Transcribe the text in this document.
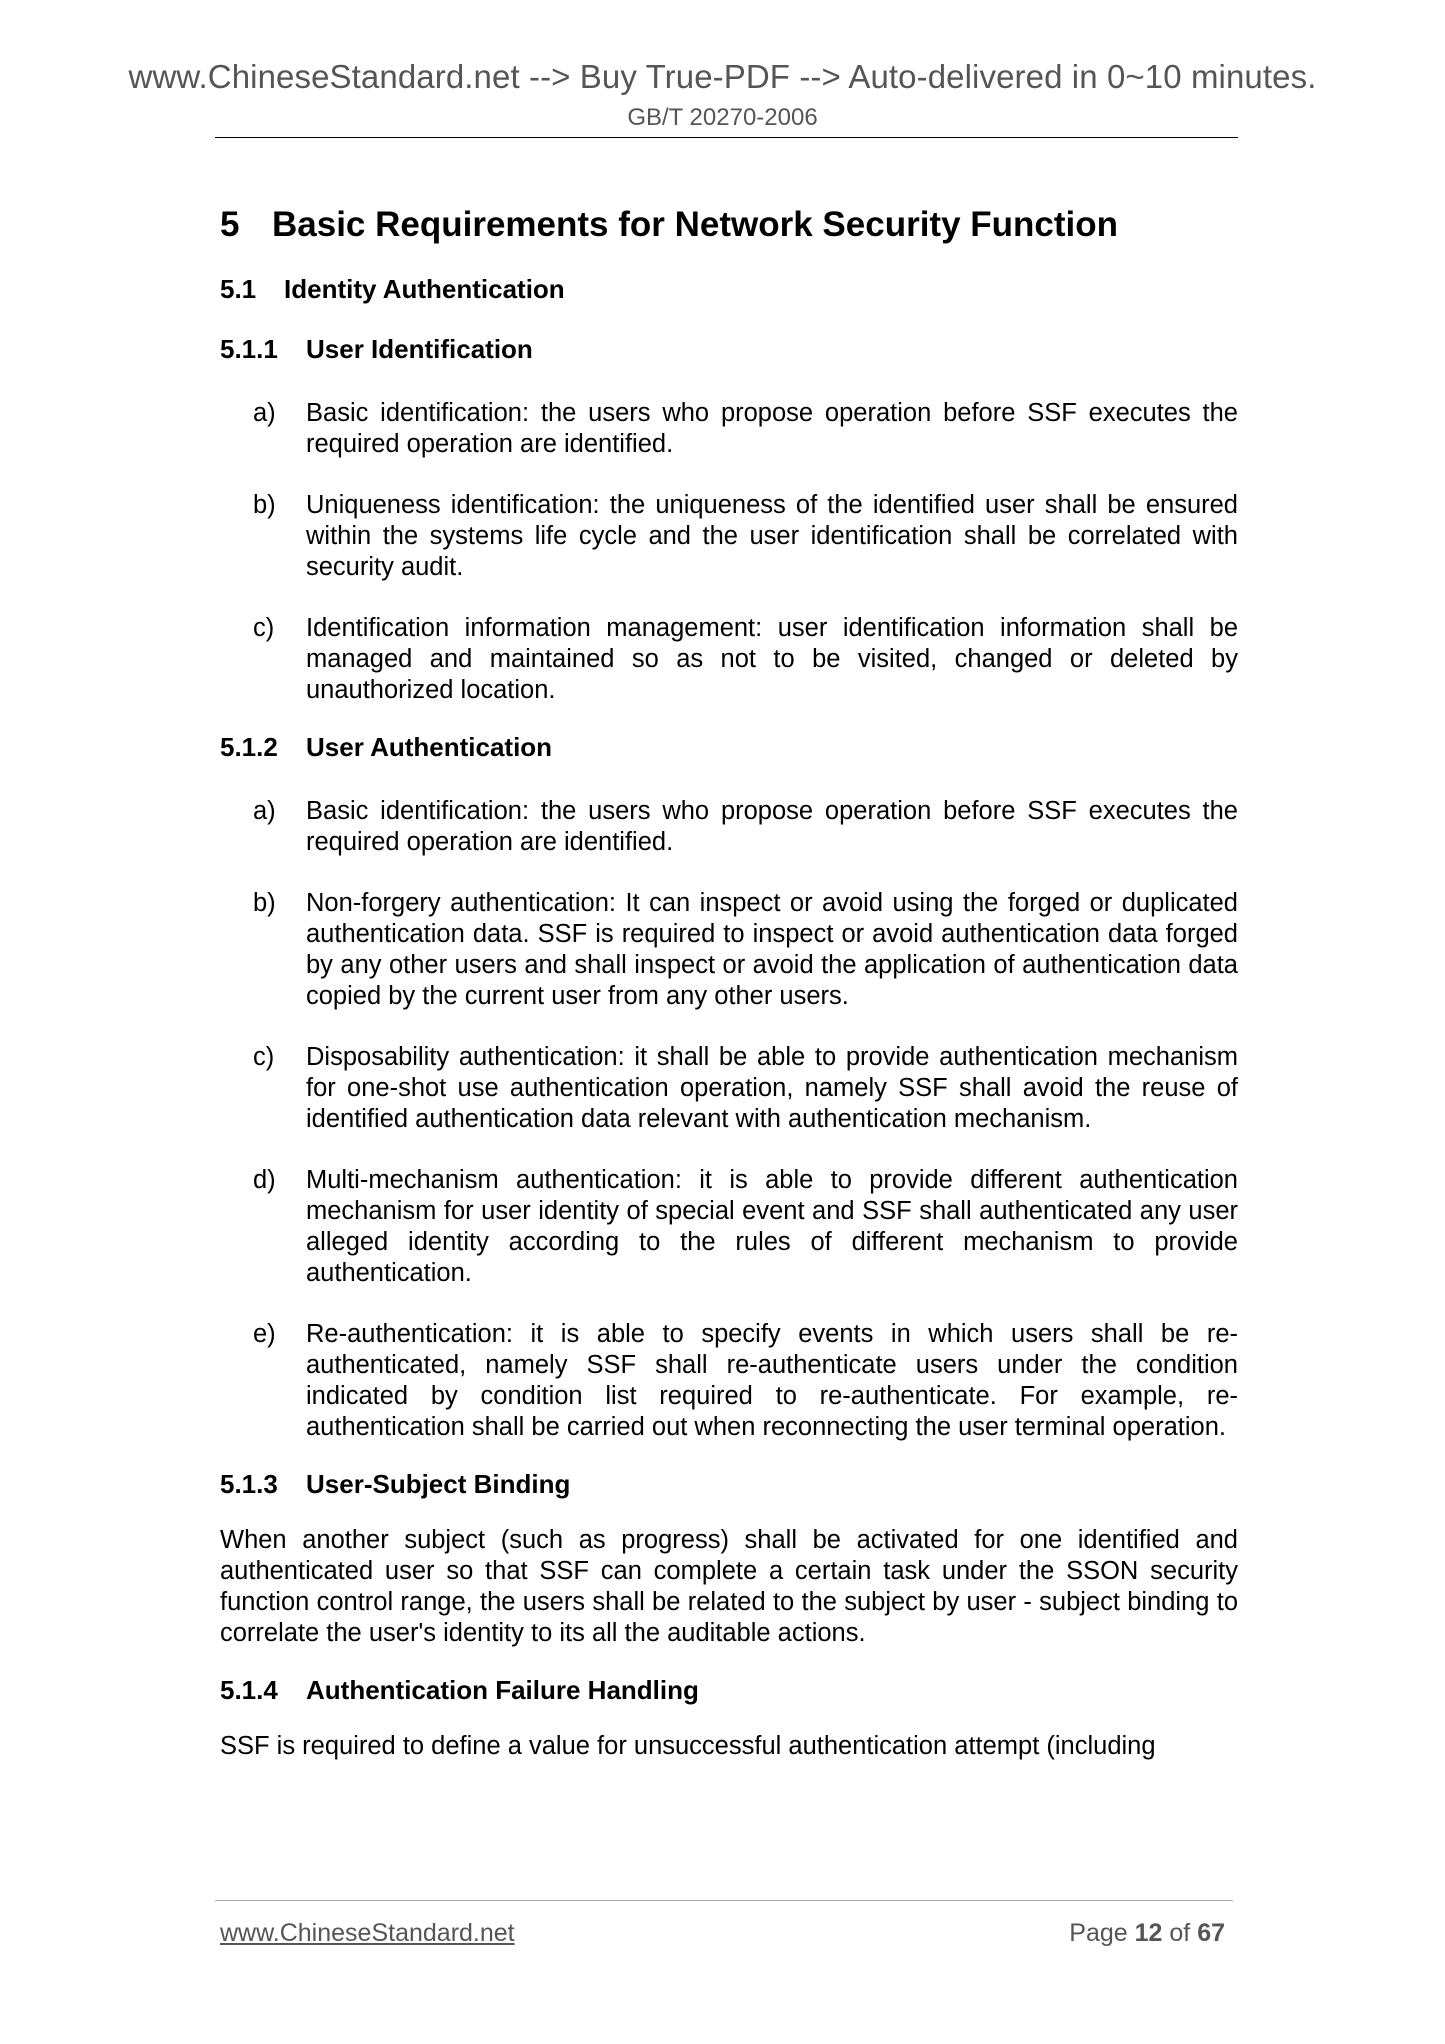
www.ChineseStandard.net --> Buy True-PDF --> Auto-delivered in 0~10 minutes.
GB/T 20270-2006
5 Basic Requirements for Network Security Function
5.1 Identity Authentication
5.1.1 User Identification
a) Basic identification: the users who propose operation before SSF executes the required operation are identified.
b) Uniqueness identification: the uniqueness of the identified user shall be ensured within the systems life cycle and the user identification shall be correlated with security audit.
c) Identification information management: user identification information shall be managed and maintained so as not to be visited, changed or deleted by unauthorized location.
5.1.2 User Authentication
a) Basic identification: the users who propose operation before SSF executes the required operation are identified.
b) Non-forgery authentication: It can inspect or avoid using the forged or duplicated authentication data. SSF is required to inspect or avoid authentication data forged by any other users and shall inspect or avoid the application of authentication data copied by the current user from any other users.
c) Disposability authentication: it shall be able to provide authentication mechanism for one-shot use authentication operation, namely SSF shall avoid the reuse of identified authentication data relevant with authentication mechanism.
d) Multi-mechanism authentication: it is able to provide different authentication mechanism for user identity of special event and SSF shall authenticated any user alleged identity according to the rules of different mechanism to provide authentication.
e) Re-authentication: it is able to specify events in which users shall be re-authenticated, namely SSF shall re-authenticate users under the condition indicated by condition list required to re-authenticate. For example, re-authentication shall be carried out when reconnecting the user terminal operation.
5.1.3 User-Subject Binding
When another subject (such as progress) shall be activated for one identified and authenticated user so that SSF can complete a certain task under the SSON security function control range, the users shall be related to the subject by user - subject binding to correlate the user's identity to its all the auditable actions.
5.1.4 Authentication Failure Handling
SSF is required to define a value for unsuccessful authentication attempt (including
www.ChineseStandard.net	Page 12 of 67
